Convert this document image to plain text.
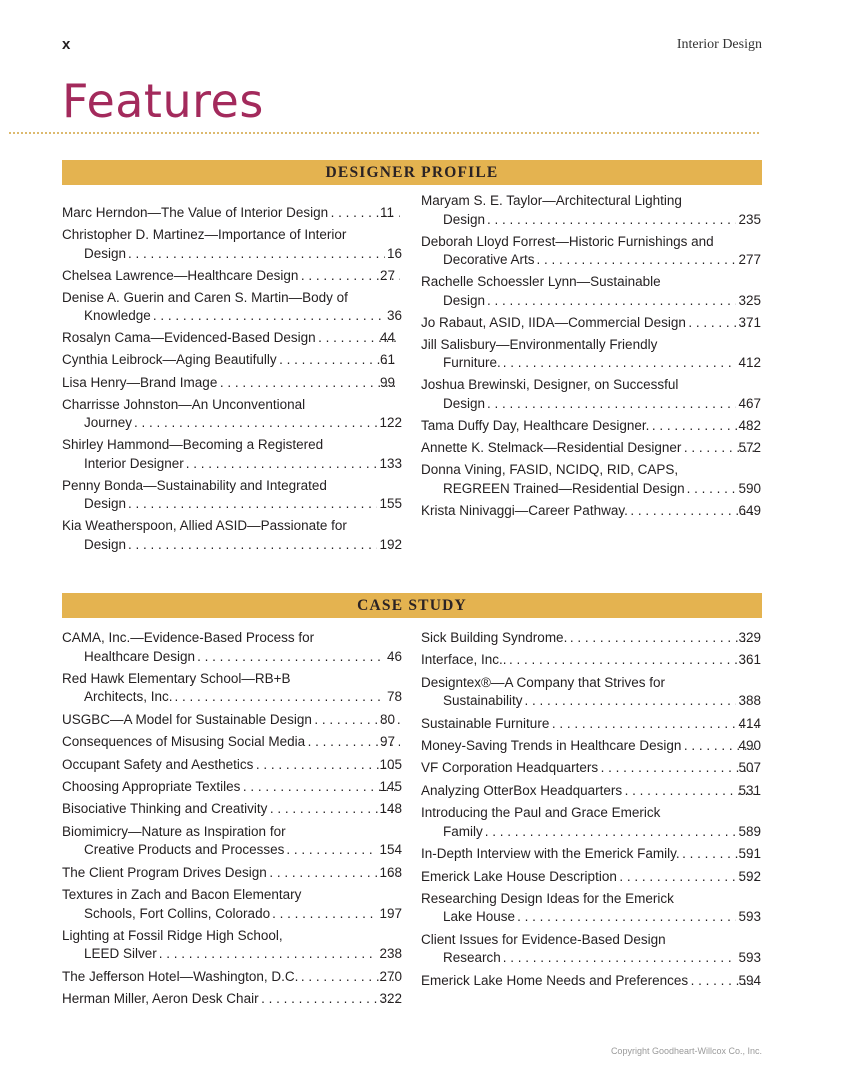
x	Interior Design
Features
DESIGNER PROFILE
Marc Herndon—The Value of Interior Design . . .	11
Christopher D. Martinez—Importance of Interior
Design . . .	16
Chelsea Lawrence—Healthcare Design . . .	27
Denise A. Guerin and Caren S. Martin—Body of
Knowledge . . .	36
Rosalyn Cama—Evidenced-Based Design . . .	44
Cynthia Leibrock—Aging Beautifully . . .	61
Lisa Henry—Brand Image . . .	99
Charrisse Johnston—An Unconventional
Journey . . .	122
Shirley Hammond—Becoming a Registered
Interior Designer . . .	133
Penny Bonda—Sustainability and Integrated
Design . . .	155
Kia Weatherspoon, Allied ASID—Passionate for
Design . . .	192
Maryam S. E. Taylor—Architectural Lighting
Design . . .	235
Deborah Lloyd Forrest—Historic Furnishings and
Decorative Arts . . .	277
Rachelle Schoessler Lynn—Sustainable
Design . . .	325
Jo Rabaut, ASID, IIDA—Commercial Design . . .	371
Jill Salisbury—Environmentally Friendly
Furniture. . . .	412
Joshua Brewinski, Designer, on Successful
Design . . .	467
Tama Duffy Day, Healthcare Designer. . . .	482
Annette K. Stelmack—Residential Designer . . .	572
Donna Vining, FASID, NCIDQ, RID, CAPS,
REGREEN Trained—Residential Design . . .	590
Krista Ninivaggi—Career Pathway. . . .	649
CASE STUDY
CAMA, Inc.—Evidence-Based Process for
Healthcare Design . . .	46
Red Hawk Elementary School—RB+B
Architects, Inc. . . .	78
USGBC—A Model for Sustainable Design . . .	80
Consequences of Misusing Social Media . . .	97
Occupant Safety and Aesthetics . . .	105
Choosing Appropriate Textiles . . .	145
Bisociative Thinking and Creativity . . .	148
Biomimicry—Nature as Inspiration for
Creative Products and Processes . . .	154
The Client Program Drives Design . . .	168
Textures in Zach and Bacon Elementary
Schools, Fort Collins, Colorado . . .	197
Lighting at Fossil Ridge High School,
LEED Silver . . .	238
The Jefferson Hotel—Washington, D.C. . . .	270
Herman Miller, Aeron Desk Chair . . .	322
Sick Building Syndrome. . . .	329
Interface, Inc.. . . .	361
Designtex®—A Company that Strives for
Sustainability . . .	388
Sustainable Furniture . . .	414
Money-Saving Trends in Healthcare Design . . .	490
VF Corporation Headquarters . . .	507
Analyzing OtterBox Headquarters . . .	531
Introducing the Paul and Grace Emerick
Family . . .	589
In-Depth Interview with the Emerick Family. . . .	591
Emerick Lake House Description . . .	592
Researching Design Ideas for the Emerick
Lake House . . .	593
Client Issues for Evidence-Based Design
Research . . .	593
Emerick Lake Home Needs and Preferences . . .	594
Copyright Goodheart-Willcox Co., Inc.
